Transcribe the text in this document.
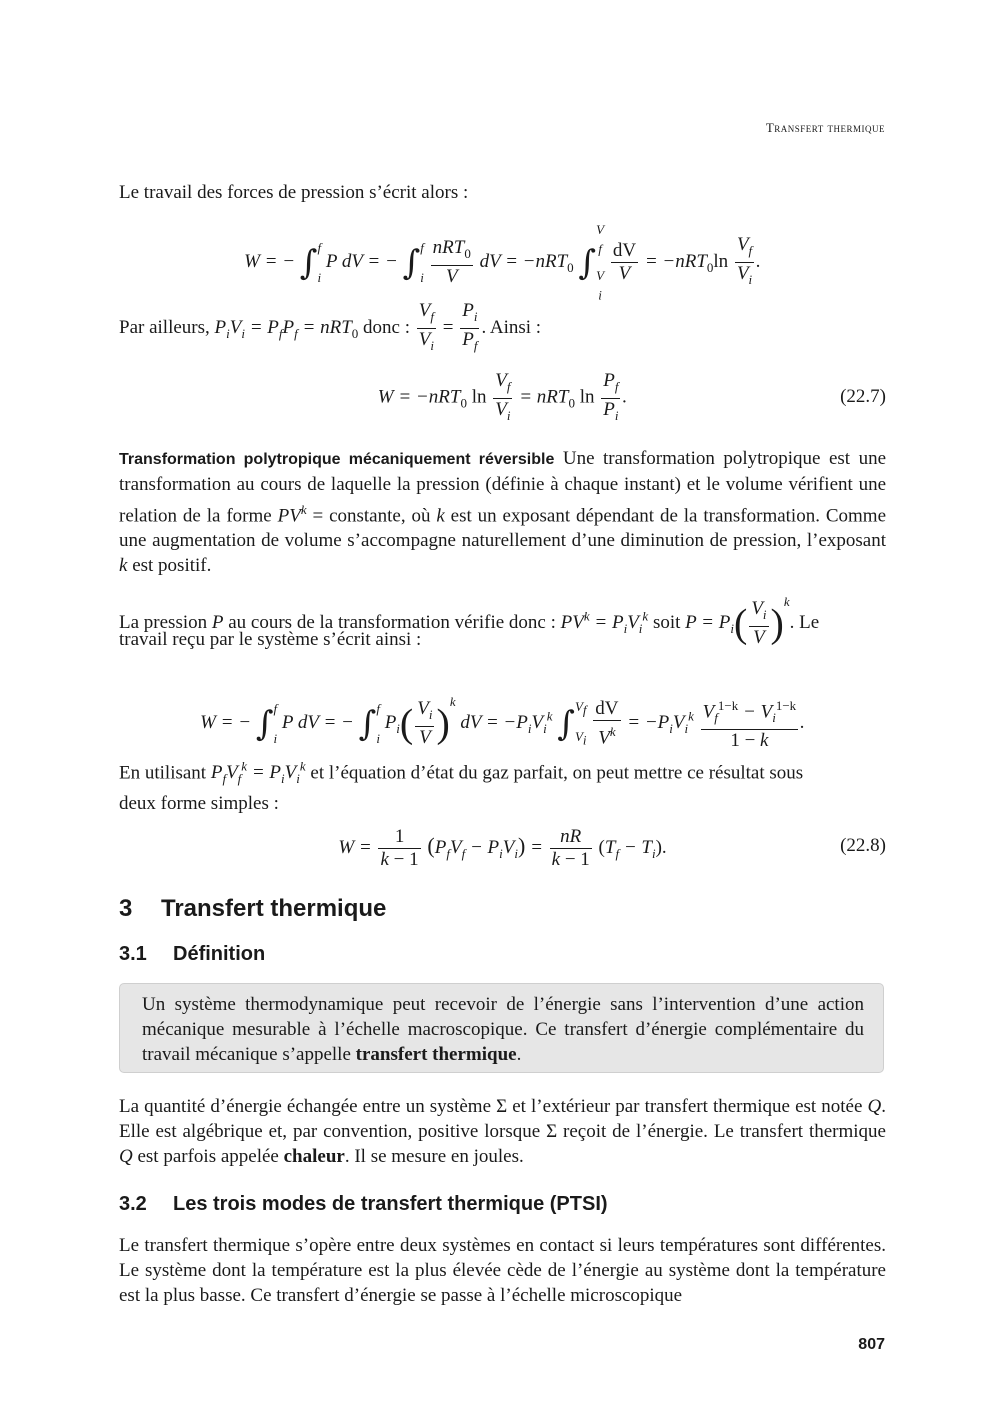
Transfert thermique
Le travail des forces de pression s’écrit alors :
W = − ∫ f
i
P dV = − ∫ f
i
$\frac{nRT_0}{V}$ dV = −nRT$_0$ ∫
V
$_f$
V
$_i$

$\frac{dV}{V} = -nRT_0\ln \frac{V_f}{V_i}$ .
Par ailleurs, $P_iV_i = P_fP_f = nRT_0$ donc : $\frac{V_f}{V_i} = \frac{P_i}{P_f}$ . Ainsi :
W = −nRT$_0$ $\ln \frac{V_f}{V_i} = nRT_0$ $\ln \frac{P_f}{P_i}$ .	(22.7)
Transformation polytropique mécaniquement réversible Une transformation polytropique est une transformation au cours de laquelle la pression (définie à chaque instant) et le volume vérifient une relation de la forme $PV^k$ = constante, où k est un exposant dépendant de la transformation. Comme une augmentation de volume s’accompagne naturellement d’une diminution de pression, l’exposant k est positif.
La pression P au cours de la transformation vérifie donc : $PV^k = P_iV_i^k$ soit $P = P_i( \frac{V_i}{V} )^k$. Le
travail reçu par le système s’écrit ainsi :
W = − ∫ f
i
P dV = − ∫ f
i
$P_i( \frac{V_i}{V} )^k$ dV = $-P_iV_i^k$ ∫ $V_f$
$V_i$
$\frac{dV}{V^k} = -P_iV_i^k \frac{V_f^{1-k} - V_i^{1-k}}{1 - k}$ .
En utilisant $P_fV_f^k = P_iV_i^k$ et l’équation d’état du gaz parfait, on peut mettre ce résultat sous
deux forme simples :
$W = \frac{1}{k - 1} (P_fV_f - P_iV_i) = \frac{nR}{k - 1} (T_f - T_i)$.	(22.8)
3 Transfert thermique
3.1 Définition
Un système thermodynamique peut recevoir de l’énergie sans l’intervention d’une action mécanique mesurable à l’échelle macroscopique. Ce transfert d’énergie complémentaire du travail mécanique s’appelle transfert thermique.
La quantité d’énergie échangée entre un système Σ et l’extérieur par transfert thermique est notée Q. Elle est algébrique et, par convention, positive lorsque Σ reçoit de l’énergie. Le transfert thermique Q est parfois appelée chaleur. Il se mesure en joules.
3.2 Les trois modes de transfert thermique (PTSI)
Le transfert thermique s’opère entre deux systèmes en contact si leurs températures sont différentes. Le système dont la température est la plus élevée cède de l’énergie au système dont la température est la plus basse. Ce transfert d’énergie se passe à l’échelle microscopique
807
